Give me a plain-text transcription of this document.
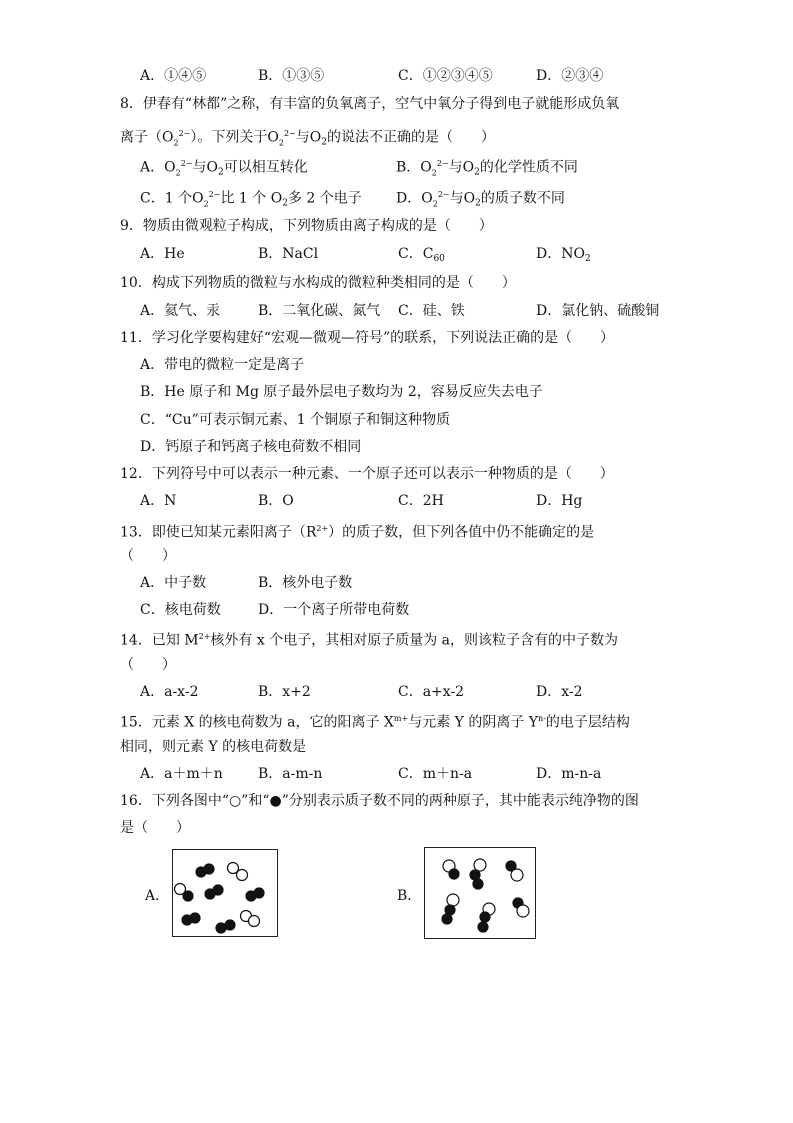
A．①④⑤	B．①③⑤	C．①②③④⑤	D．②③④
8．伊春有“林都”之称，有丰富的负氧离子，空气中氧分子得到电子就能形成负氧
离子$(O_2^{2-})$。下列关于$O_2^{2-}$与$O_2$的说法不正确的是（　　）
A．$O_2^{2-}$与$O_2$可以相互转化	B．$O_2^{2-}$与$O_2$的化学性质不同
C．1 个$O_2^{2-}$比 1 个 $O_2$多 2 个电子 D．$O_2^{2-}$与$O_2$的质子数不同
9．物质由微观粒子构成，下列物质由离子构成的是（　　）
A．He	B．NaCl	C．$C_{60}$	D．$NO_2$
10．构成下列物质的微粒与水构成的微粒种类相同的是（　　）
A．氦气、汞	B．二氧化碳、氮气 C．硅、铁	D．氯化钠、硫酸铜
11．学习化学要构建好“宏观—微观—符号”的联系，下列说法正确的是（　　）
A．带电的微粒一定是离子
B．He 原子和 Mg 原子最外层电子数均为 2，容易反应失去电子
C．“Cu”可表示铜元素、1 个铜原子和铜这种物质
D．钙原子和钙离子核电荷数不相同
12．下列符号中可以表示一种元素、一个原子还可以表示一种物质的是（　　）
A．N	B．O	C．2H	D．Hg
13．即使已知某元素阳离子$(R^{2+})$的质子数，但下列各值中仍不能确定的是
（　　）
A．中子数	B．核外电子数
C．核电荷数	D．一个离子所带电荷数
14．已知 $M^{2+}$核外有 x 个电子，其相对原子质量为 a，则该粒子含有的中子数为
（　　）
A．a-x-2	B．x+2	C．a+x-2	D．x-2
15．元素 X 的核电荷数为 a，它的阳离子 $X^{m+}$与元素 Y 的阴离子 $Y^{n-}$的电子层结构
相同，则元素 Y 的核电荷数是
A．a＋m＋n	B．a-m-n	C．m＋n-a	D．m-n-a
16．下列各图中“○”和“●”分别表示质子数不同的两种原子，其中能表示纯净物的图
是（　　）
A．	B．
